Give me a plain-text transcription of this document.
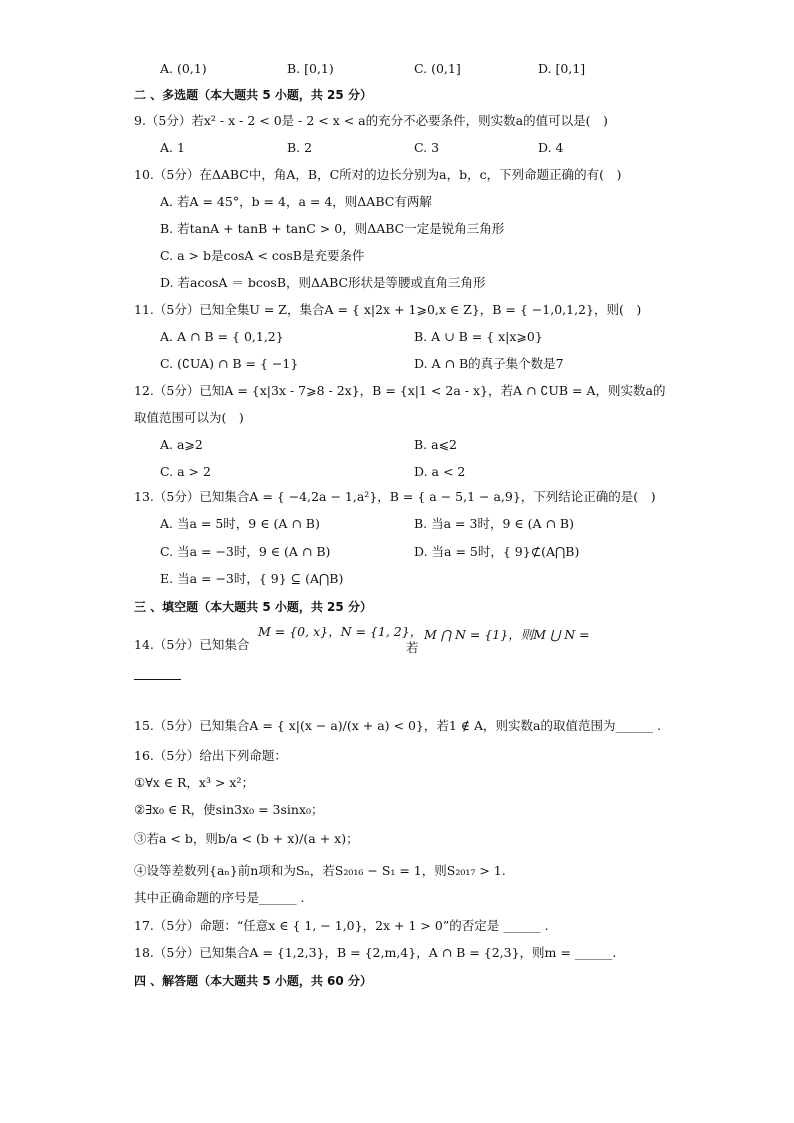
A. (0,1)	B. [0,1)	C. (0,1]	D. [0,1]
二 、多选题（本大题共 5 小题，共 25 分）
9.（5分）若x² - x - 2 < 0是 - 2 < x < a的充分不必要条件，则实数a的值可以是(　)
A. 1	B. 2	C. 3	D. 4
10.（5分）在ΔABC中，角A，B，C所对的边长分别为a，b，c，下列命题正确的有(　)
A. 若A = 45°，b = 4，a = 4，则ΔABC有两解
B. 若tanA + tanB + tanC > 0，则ΔABC一定是锐角三角形
C. a > b是cosA < cosB是充要条件
D. 若acosA ＝ bcosB，则ΔABC形状是等腰或直角三角形
11.（5分）已知全集U = Z，集合A = { x|2x + 1⩾0,x ∈ Z}，B = { −1,0,1,2}，则(　)
A. A ∩ B = { 0,1,2}	B. A ∪ B = { x|x⩾0}
C. (∁UA) ∩ B = { −1}	D. A ∩ B的真子集个数是7
12.（5分）已知A = {x|3x - 7⩾8 - 2x}，B = {x|1 < 2a - x}，若A ∩ ∁UB = A，则实数a的
取值范围可以为(　)
A. a⩾2	B. a⩽2
C. a > 2	D. a < 2
13.（5分）已知集合A = { −4,2a − 1,a²}，B = { a − 5,1 − a,9}，下列结论正确的是(　)
A. 当a = 5时，9 ∈ (A ∩ B)	B. 当a = 3时，9 ∈ (A ∩ B)
C. 当a = −3时，9 ∈ (A ∩ B)	D. 当a = 5时，{ 9}⊄(A⋂B)
E. 当a = −3时，{ 9} ⊆ (A⋂B)
三 、填空题（本大题共 5 小题，共 25 分）
14.（5分）已知集合
M = {0, x}，N = {1, 2}，
若
M ⋂ N = {1}，则M ⋃ N =
15.（5分）已知集合A = { x|(x − a)/(x + a) < 0}，若1 ∉ A，则实数a的取值范围为______ .
16.（5分）给出下列命题：
①∀x ∈ R，x³ > x²；
②∃x₀ ∈ R，使sin3x₀ = 3sinx₀；
③若a < b，则b/a < (b + x)/(a + x)；
④设等差数列{aₙ}前n项和为Sₙ，若S₂₀₁₆ − S₁ = 1，则S₂₀₁₇ > 1.
其中正确命题的序号是______ .
17.（5分）命题：“任意x ∈ { 1, − 1,0}，2x + 1 > 0”的否定是 ______ .
18.（5分）已知集合A = {1,2,3}，B = {2,m,4}，A ∩ B = {2,3}，则m = ______.
四 、解答题（本大题共 5 小题，共 60 分）
